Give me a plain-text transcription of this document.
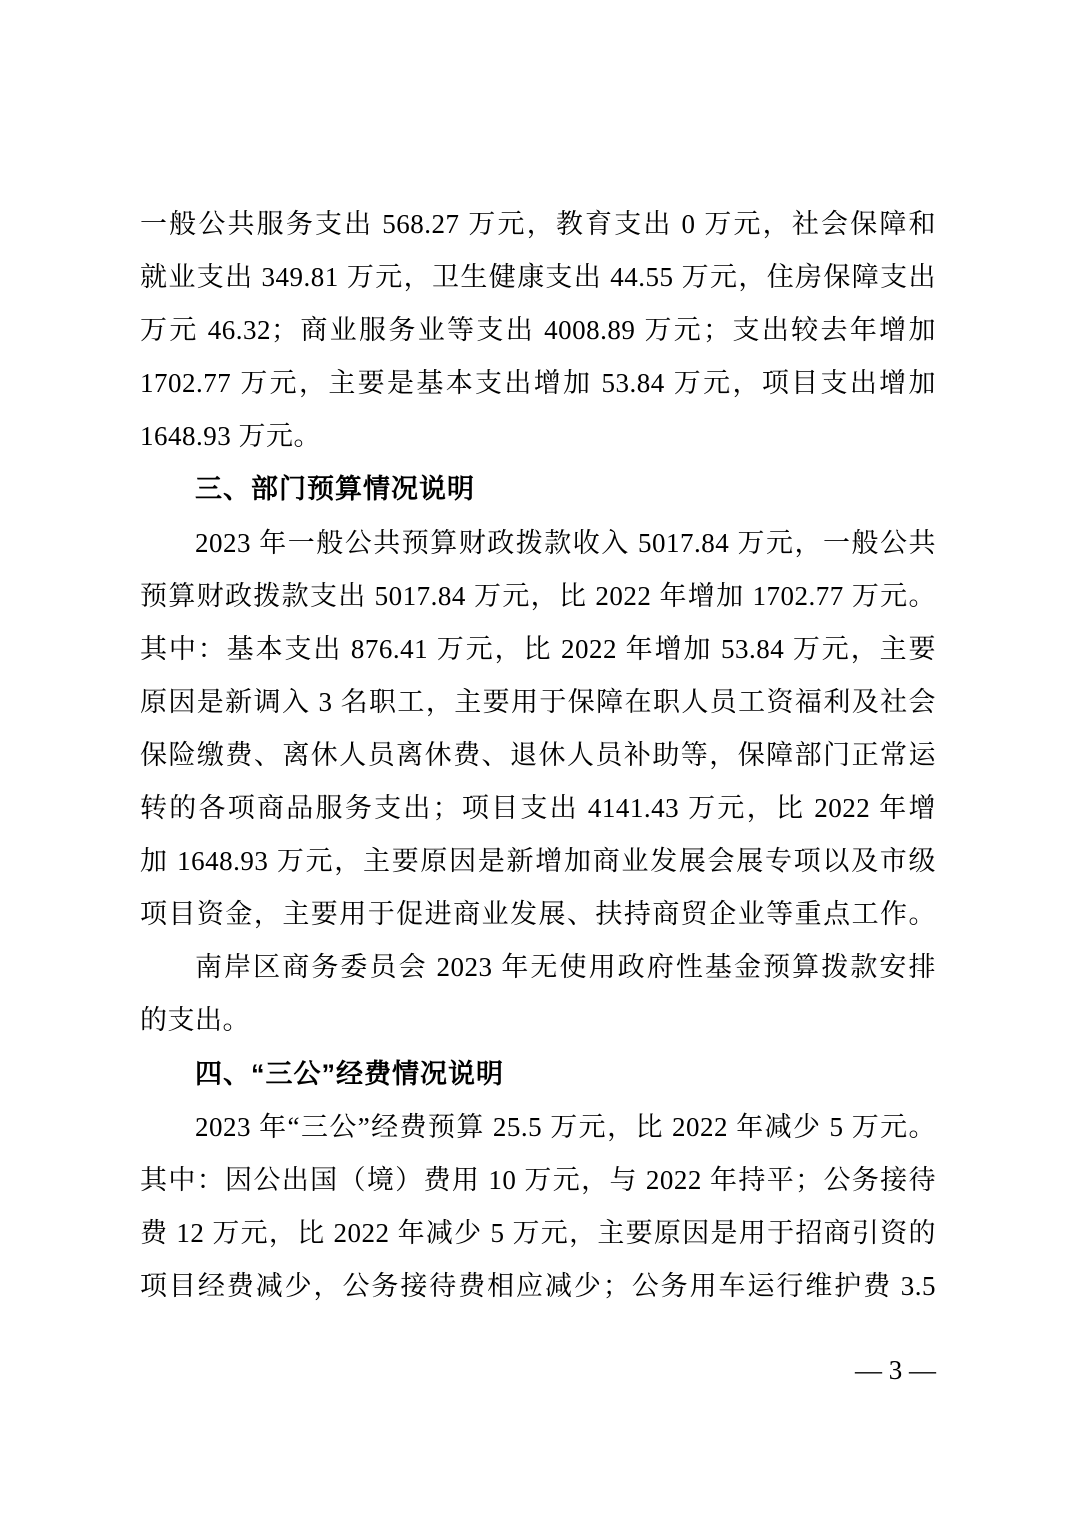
一般公共服务支出 568.27 万元，教育支出 0 万元，社会保障和
就业支出 349.81 万元，卫生健康支出 44.55 万元，住房保障支出
万元 46.32；商业服务业等支出 4008.89 万元；支出较去年增加
1702.77 万元，主要是基本支出增加 53.84 万元，项目支出增加
1648.93 万元。
三、部门预算情况说明
2023 年一般公共预算财政拨款收入 5017.84 万元，一般公共
预算财政拨款支出 5017.84 万元，比 2022 年增加 1702.77 万元。
其中：基本支出 876.41 万元，比 2022 年增加 53.84 万元，主要
原因是新调入 3 名职工，主要用于保障在职人员工资福利及社会
保险缴费、离休人员离休费、退休人员补助等，保障部门正常运
转的各项商品服务支出；项目支出 4141.43 万元，比 2022 年增
加 1648.93 万元，主要原因是新增加商业发展会展专项以及市级
项目资金，主要用于促进商业发展、扶持商贸企业等重点工作。
南岸区商务委员会 2023 年无使用政府性基金预算拨款安排
的支出。
四、“三公”经费情况说明
2023 年“三公”经费预算 25.5 万元，比 2022 年减少 5 万元。
其中：因公出国（境）费用 10 万元，与 2022 年持平；公务接待
费 12 万元，比 2022 年减少 5 万元，主要原因是用于招商引资的
项目经费减少，公务接待费相应减少；公务用车运行维护费 3.5
— 3 —
